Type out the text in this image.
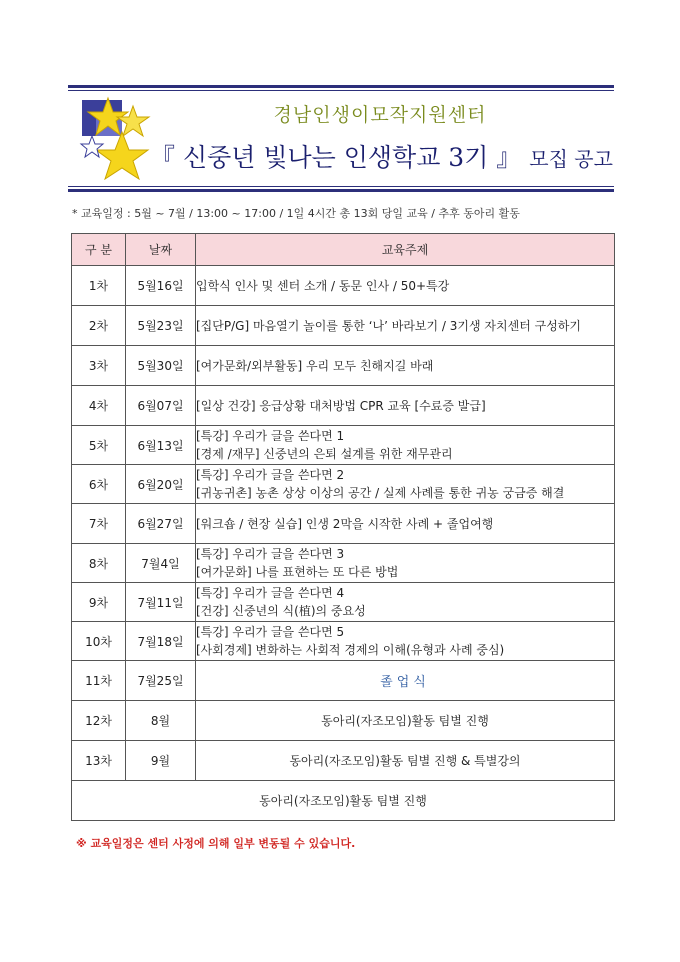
경남인생이모작지원센터
『 신중년 빛나는 인생학교 3기 』 모집 공고
* 교육일정 : 5월 ~ 7월 / 13:00 ~ 17:00 / 1일 4시간 총 13회 당일 교육 / 추후 동아리 활동
구 분	날짜	교육주제
1차	5월16일	입학식 인사 및 센터 소개 / 동문 인사 / 50+특강

2차	5월23일	[집단P/G] 마음열기 놀이를 통한 ‘나’ 바라보기 / 3기생 자치센터 구성하기

3차	5월30일	[여가문화/외부활동] 우리 모두 친해지길 바래

4차	6월07일	[일상 건강] 응급상황 대처방법 CPR 교육 [수료증 발급]

5차	6월13일	[특강] 우리가 글을 쓴다면 1
[경제 /재무] 신중년의 은퇴 설계를 위한 재무관리

6차	6월20일	[특강] 우리가 글을 쓴다면 2
[귀농귀촌] 농촌 상상 이상의 공간 / 실제 사례를 통한 귀농 궁금증 해결

7차	6월27일	[워크숍 / 현장 실습] 인생 2막을 시작한 사례 + 졸업여행

8차	7월4일	[특강] 우리가 글을 쓴다면 3
[여가문화] 나를 표현하는 또 다른 방법

9차	7월11일	[특강] 우리가 글을 쓴다면 4
[건강] 신중년의 식(植)의 중요성

10차	7월18일	[특강] 우리가 글을 쓴다면 5
[사회경제] 변화하는 사회적 경제의 이해(유형과 사례 중심)

11차	7월25일	졸업식
12차	8월	동아리(자조모임)활동 팀별 진행
13차	9월	동아리(자조모임)활동 팀별 진행 & 특별강의
동아리(자조모임)활동 팀별 진행		
※ 교육일정은 센터 사정에 의해 일부 변동될 수 있습니다.
